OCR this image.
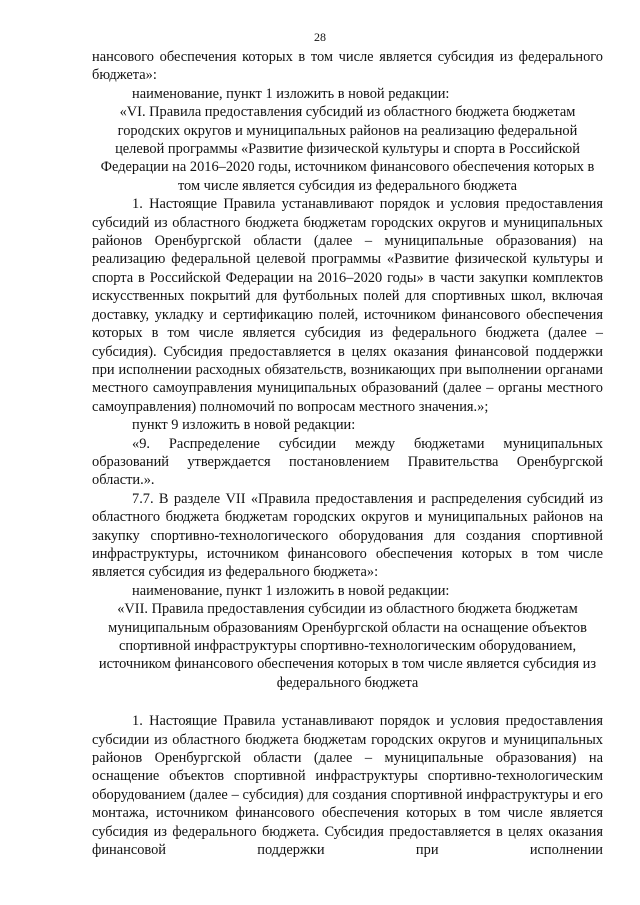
28

нансового обеспечения которых в том числе является субсидия из федерального бюджета»:

наименование, пункт 1 изложить в новой редакции:

«VI. Правила предоставления субсидий из областного бюджета бюджетам городских округов и муниципальных районов на реализацию федеральной целевой программы «Развитие физической культуры и спорта в Российской Федерации на 2016–2020 годы, источником финансового обеспечения которых в том числе является субсидия из федерального бюджета

1. Настоящие Правила устанавливают порядок и условия предоставления субсидий из областного бюджета бюджетам городских округов и муниципальных районов Оренбургской области (далее – муниципальные образования) на реализацию федеральной целевой программы «Развитие физической культуры и спорта в Российской Федерации на 2016–2020 годы» в части закупки комплектов искусственных покрытий для футбольных полей для спортивных школ, включая доставку, укладку и сертификацию полей, источником финансового обеспечения которых в том числе является субсидия из федерального бюджета (далее – субсидия). Субсидия предоставляется в целях оказания финансовой поддержки при исполнении расходных обязательств, возникающих при выполнении органами местного самоуправления муниципальных образований (далее – органы местного самоуправления) полномочий по вопросам местного значения.»;

пункт 9 изложить в новой редакции:

«9. Распределение субсидии между бюджетами муниципальных образований утверждается постановлением Правительства Оренбургской области.».

7.7. В разделе VII «Правила предоставления и распределения субсидий из областного бюджета бюджетам городских округов и муниципальных районов на закупку спортивно-технологического оборудования для создания спортивной инфраструктуры, источником финансового обеспечения которых в том числе является субсидия из федерального бюджета»:

наименование, пункт 1 изложить в новой редакции:

«VII. Правила предоставления субсидии из областного бюджета бюджетам муниципальным образованиям Оренбургской области на оснащение объектов спортивной инфраструктуры спортивно-технологическим оборудованием, источником финансового обеспечения которых в том числе является субсидия из федерального бюджета

1. Настоящие Правила устанавливают порядок и условия предоставления субсидии из областного бюджета бюджетам городских округов и муниципальных районов Оренбургской области (далее – муниципальные образования) на оснащение объектов спортивной инфраструктуры спортивно-технологическим оборудованием (далее – субсидия) для создания спортивной инфраструктуры и его монтажа, источником финансового обеспечения которых в том числе является субсидия из федерального бюджета. Субсидия предоставляется в целях оказания финансовой поддержки при исполнении
